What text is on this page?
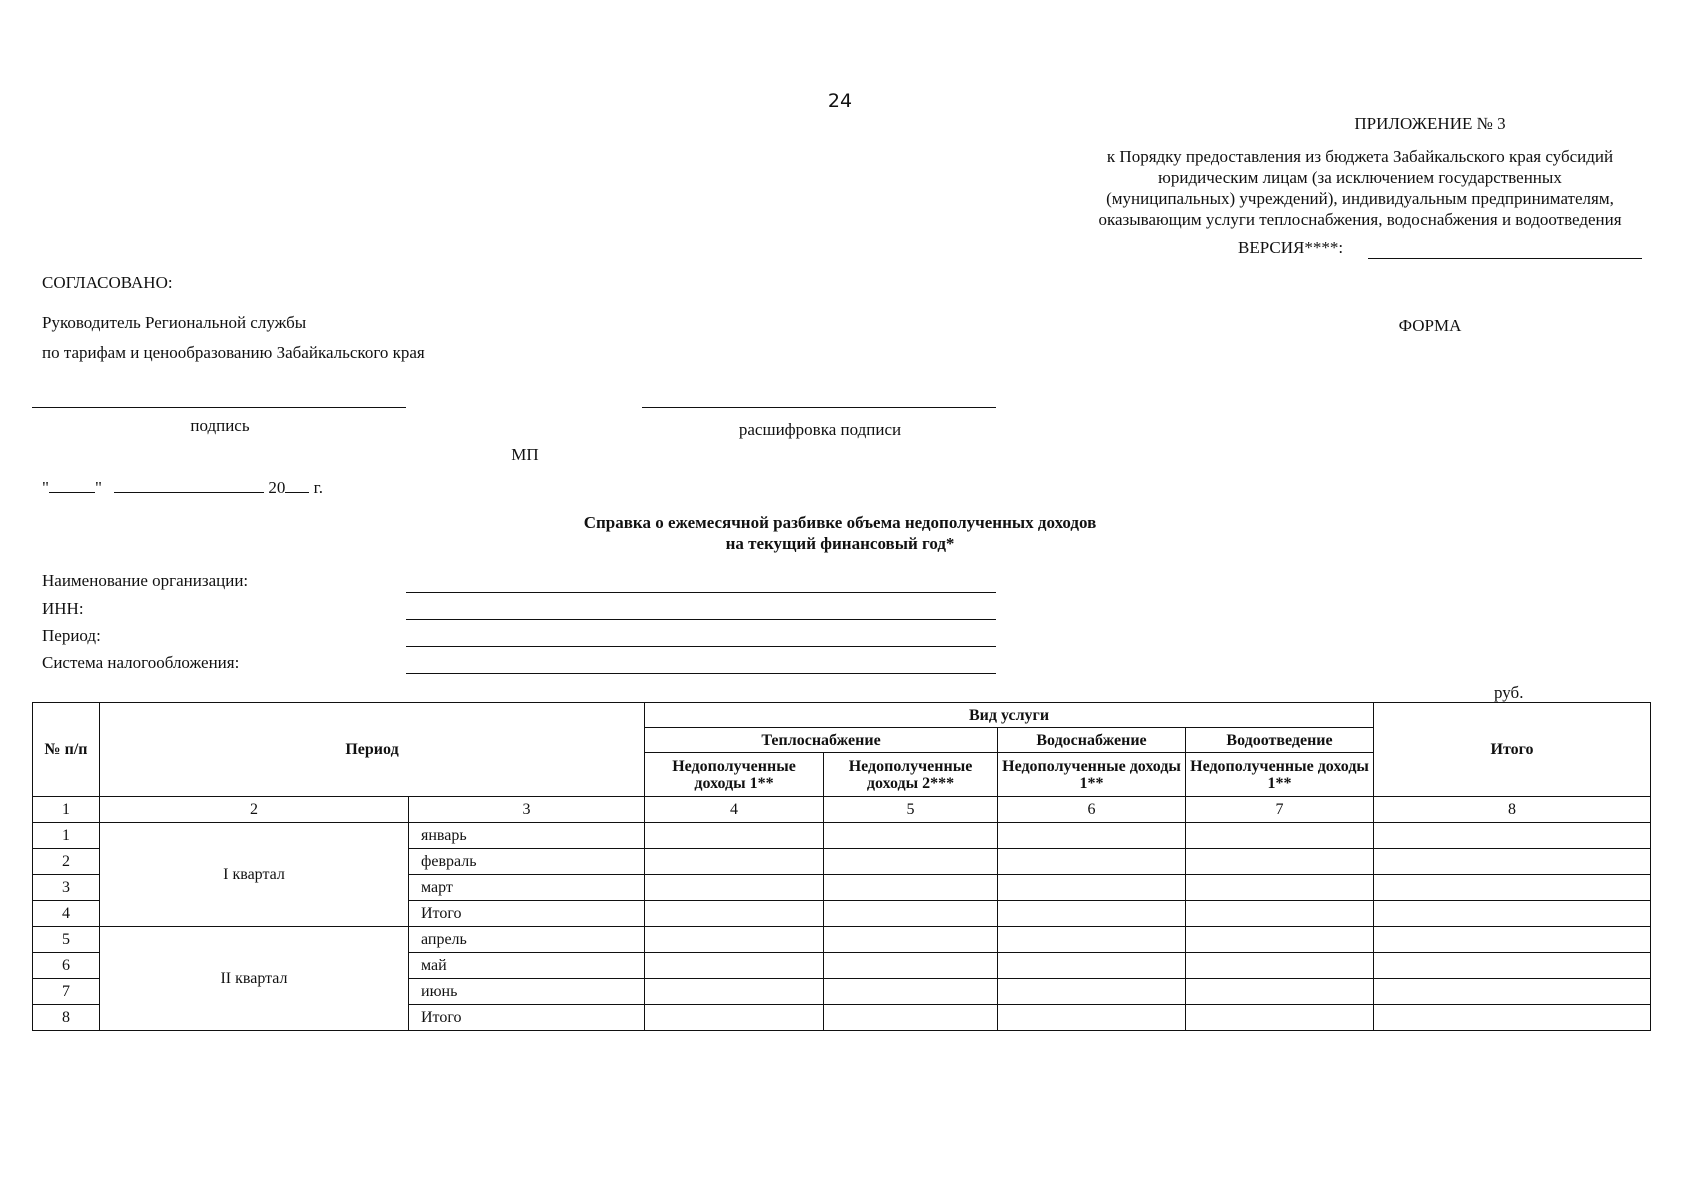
24
ПРИЛОЖЕНИЕ № 3
к Порядку предоставления из бюджета Забайкальского края субсидий
юридическим лицам (за исключением государственных
(муниципальных) учреждений), индивидуальным предпринимателям,
оказывающим услуги теплоснабжения, водоснабжения и водоотведения
ВЕРСИЯ****:
СОГЛАСОВАНО:
Руководитель Региональной службы
по тарифам и ценообразованию Забайкальского края
ФОРМА
подпись	расшифровка подписи
МП
"	"	20 г.
Справка о ежемесячной разбивке объема недополученных доходов
на текущий финансовый год*
Наименование организации:
ИНН:
Период:
Система налогообложения:
руб.
№ п/п	Период		Вид услуги				Итого
			Теплоснабжение		Водоснабжение	Водоотведение	
			Недополученные доходы 1**	Недополученные доходы 2***	Недополученные доходы 1**	Недополученные доходы 1**	
1	2	3	4	5	6	7	8
1	I квартал	январь					
2		февраль					
3		март					
4		Итого					
5	II квартал	апрель					
6		май					
7		июнь					
8		Итого					
